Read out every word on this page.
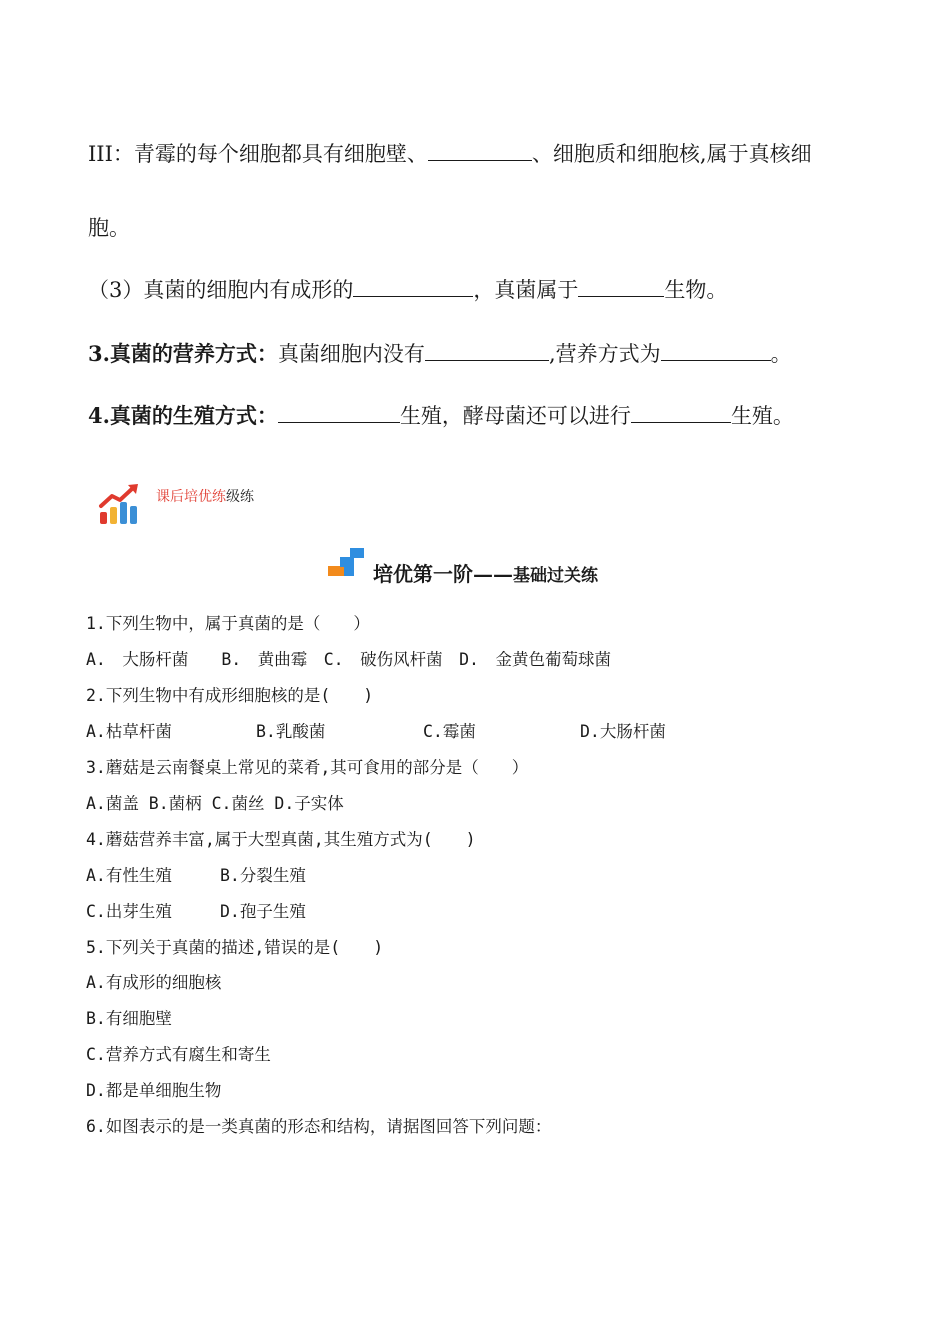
III：青霉的每个细胞都具有细胞壁、	、细胞质和细胞核,属于真核细
胞。
（3）真菌的细胞内有成形的	，真菌属于	生物。
3.真菌的营养方式：真菌细胞内没有	,营养方式为	。
4.真菌的生殖方式：	生殖，酵母菌还可以进行	生殖。
课后培优练级练
培优第一阶——基础过关练
1.下列生物中，属于真菌的是（　　）
A.　大肠杆菌　　B.　黄曲霉　C.　破伤风杆菌　D.　金黄色葡萄球菌
2.下列生物中有成形细胞核的是(　　)
A.枯草杆菌	B.乳酸菌	C.霉菌	D.大肠杆菌
3.蘑菇是云南餐桌上常见的菜肴,其可食用的部分是（　　）
A.菌盖 B.菌柄 C.菌丝 D.子实体
4.蘑菇营养丰富,属于大型真菌,其生殖方式为(　　)
A.有性生殖	B.分裂生殖
C.出芽生殖	D.孢子生殖
5.下列关于真菌的描述,错误的是(　　)
A.有成形的细胞核
B.有细胞壁
C.营养方式有腐生和寄生
D.都是单细胞生物
6.如图表示的是一类真菌的形态和结构，请据图回答下列问题：
